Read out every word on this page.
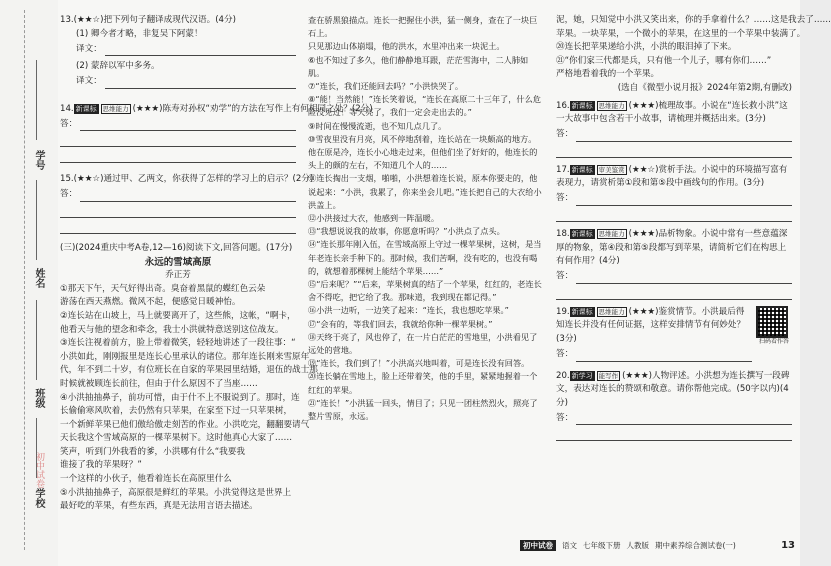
学号
姓名
班级
学校
初中试卷
13.(★★☆)把下列句子翻译成现代汉语。(4分)
(1) 卿今者才略，非复吴下阿蒙！
译文：
(2) 蒙辞以军中多务。
译文：
14. 新课标 思维能力 (★★★)陈寿对孙权“劝学”的方法在写作上有何相同之处？(2分)
答：
15.(★★☆)通过甲、乙两文，你获得了怎样的学习上的启示？(2分)
答：
(三)(2024重庆中考A卷,12—16)阅读下文,回答问题。(17分)
永远的雪域高原
乔正芳
①那天下午，天气好得出奇。臭奋着黑鼠的蝶红色云朵
游荡在西天燕燃。微风不起，便感觉日暖神怡。
②连长站在山坡上，马上就要离开了，这些熊，这帐，“啊卡，
他看天与他的望念和牵念，我士小洪就特意送别这位战友。
③连长注视着前方，脸上带着微笑，轻轻地讲述了一段往事：“
小洪如此，刚刚报里是连长心里承认的诸位。那年连长刚来雪原年
代，年不到二十岁，有位班长在自家的苹果园里结婚，退伍的战士那
时候就被顾连长前往，但由于什么原因不了当座……
④小洪抽抽鼻子，前功可惜，由于什不上不服说到了。那时，连
长偷偷寒风吹着，去仍然有只苹果，在家至下过一只苹果树，
一个新鲜苹果已他们傲给傲走刻苦的作业。小洪吃完，翻翻要请气
天长我这个雪域高原的一棵苹果树下。这时他真心大家了……
笑声，听到门外我看的爹，小洪哪有什么“我要我
谁接了我的苹果呀？”
一个这样的小伙子，他看着连长在高原里什么
⑤小洪抽抽鼻子，高原很是鲜红的苹果。小洪觉得这是世界上
最好吃的苹果，有些东西，真是无法用言语去描述。
查在骄黑狼描点。连长一把握住小洪，猛一侧身，查在了一块巨石上。
只见那边山体崩塌，他的洪水，水里冲出来一块泥土。
⑥也不知过了多久，他们静静地耳跟，茫茫雪海中，二人肺如肌。
⑦“连长，我们还能回去吗？”小洪快哭了。
⑧“能！当然能！”连长笑着说，“连长在高原二十三年了，什么危险没见过！等天亮了，我们一定会走出去的。”
⑨时间在慢慢流逝，也不知几点几了。
⑩雪夜里没有月亮，风不停地刮着，连长站在一块颇高的地方。他在原是冷，连长小心地走过来，但他们坐了好好的，他连长的头上的颇的左右，不知道几个人的……
⑪连长掏出一支烟，啪啪，小洪想着连长说，原本你要走的，他说起来：“小洪，我累了，你来坐会儿吧。”连长把自己的大衣给小洪盖上。
⑫小洪接过大衣，他感到一阵温暖。
⑬“我想说说我的故事，你愿意听吗？”小洪点了点头。
⑭“连长那年刚入伍，在雪域高原上守过一棵苹果树，这树，是当年老连长亲手种下的。那时候，我们苦啊，没有吃的，也没有喝的，就想着那棵树上能结个苹果……”
⑮“后来呢？”“后来，苹果树真的结了一个苹果，红红的，老连长舍不得吃，把它给了我。那味道，我到现在都记得。”
⑯小洪一边听，一边笑了起来：“连长，我也想吃苹果。”
⑰“会有的，等我们回去，我就给你种一棵苹果树。”
⑱天终于亮了，风也停了，在一片白茫茫的雪地里，小洪看见了远处的营地。
⑲“连长，我们到了！”小洪高兴地叫着，可是连长没有回答。
⑳连长躺在雪地上，脸上还带着笑，他的手里，紧紧地握着一个红红的苹果。
㉑“连长！”小洪猛一回头，情目了；只见一团柱然烈火，照亮了整片雪原，永远。
泥，她，只知觉中小洪又笑出来，你的手拿着什么？……这是我去了……
苹果。一块苹果，一个微小的苹果，在这里的一个苹果中装满了。
⑳连长把苹果递给小洪，小洪的眼泪掉了下来。
㉑“你们家三代都是兵，只有他一个儿子，哪有你们……”
严格地看着我的一个苹果。
(选自《微型小说月报》2024年第2期,有删改)
16. 新课标 思维能力 (★★★)梳理故事。小说在“连长救小洪”这一大故事中包含若干小故事，请梳理并概括出来。(3分)
答：
17. 新课标 审美鉴赏 (★★☆)赏析手法。小说中的环境描写富有表现力，请赏析第①段和第⑤段中画线句的作用。(3分)
答：
18. 新课标 思维能力 (★★★)品析物象。小说中常有一些意蕴深厚的物象，第④段和第⑤段都写到苹果，请简析它们在构思上有何作用？(4分)
答：
19. 新课标 思维能力 (★★★)鉴赏情节。小洪最后得知连长并没有任何证据，这样安排情节有何妙处？(3分)
答：
扫码看作答
20. 新学习 能写作 (★★★)人物评述。小洪想为连长撰写一段碑文，表达对连长的赞颂和敬意。请你帮他完成。(50字以内)(4分)
答：
初中试卷	语文 七年级下册 人教版 期中素养综合测试卷(一)	13
